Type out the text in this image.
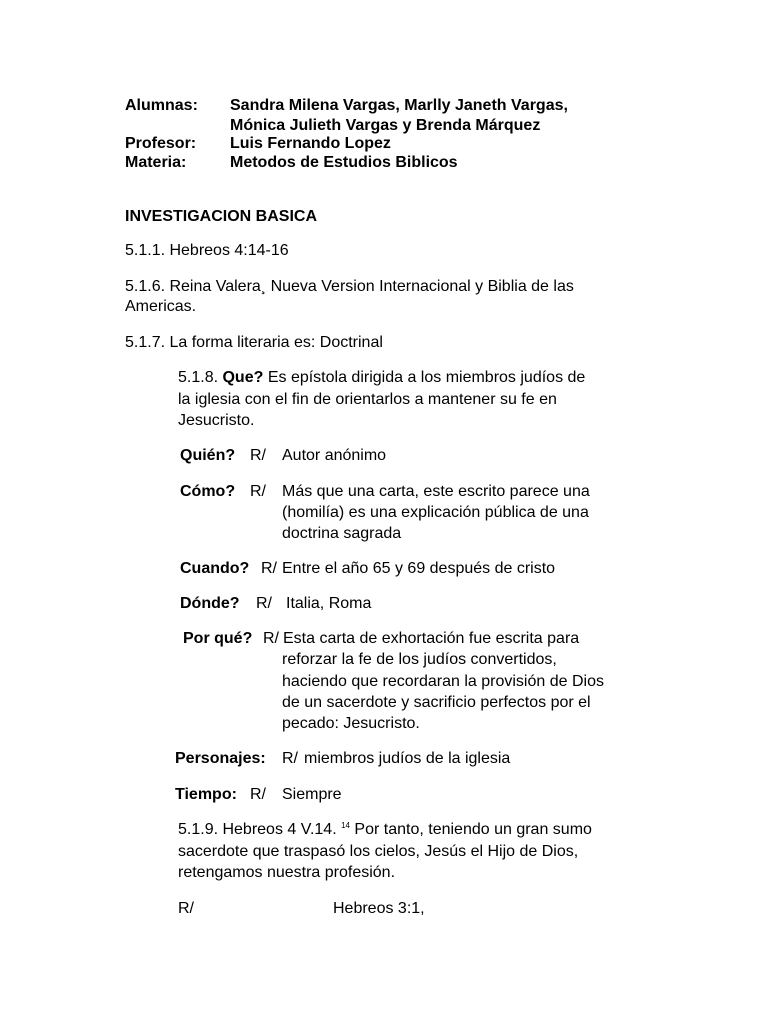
Alumnas: Sandra Milena Vargas, Marlly Janeth Vargas,
Mónica Julieth Vargas y Brenda Márquez
Profesor: Luis Fernando Lopez
Materia:	Metodos de Estudios Biblicos
INVESTIGACION BASICA
5.1.1. Hebreos 4:14-16
5.1.6. Reina Valera¸ Nueva Version Internacional y Biblia de las
Americas.
5.1.7. La forma literaria es: Doctrinal
5.1.8. Que? Es epístola dirigida a los miembros judíos de
la iglesia con el fin de orientarlos a mantener su fe en
Jesucristo.
Quién? R/ Autor anónimo
Cómo? R/ Más que una carta, este escrito parece una
(homilía) es una explicación pública de una
doctrina sagrada
Cuando? R/ Entre el año 65 y 69 después de cristo
Dónde? R/ Italia, Roma
Por qué? R/ Esta carta de exhortación fue escrita para
reforzar la fe de los judíos convertidos,
haciendo que recordaran la provisión de Dios
de un sacerdote y sacrificio perfectos por el
pecado: Jesucristo.
Personajes: R/ miembros judíos de la iglesia
Tiempo: R/ Siempre
5.1.9. Hebreos 4 V.14. $^{14}$ Por tanto, teniendo un gran sumo
sacerdote que traspasó los cielos, Jesús el Hijo de Dios,
retengamos nuestra profesión.
R/	Hebreos 3:1,
